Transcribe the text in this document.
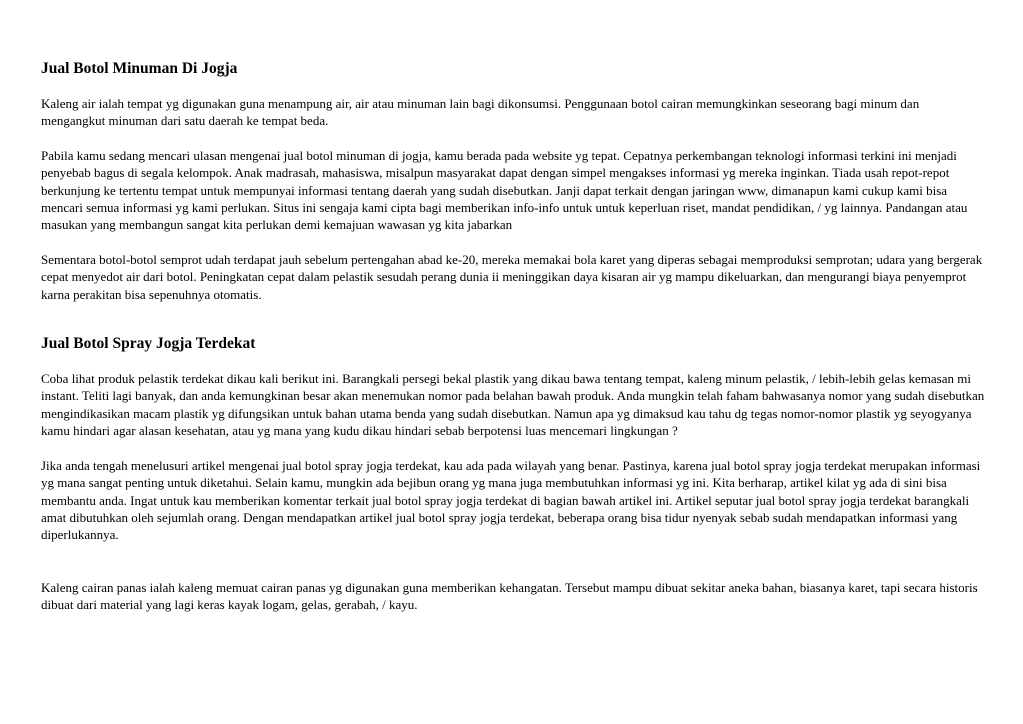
Jual Botol Minuman Di Jogja

Kaleng air ialah tempat yg digunakan guna menampung air, air atau minuman lain bagi dikonsumsi. Penggunaan botol cairan memungkinkan seseorang bagi minum dan mengangkut minuman dari satu daerah ke tempat beda.

Pabila kamu sedang mencari ulasan mengenai jual botol minuman di jogja, kamu berada pada website yg tepat. Cepatnya perkembangan teknologi informasi terkini ini menjadi penyebab bagus di segala kelompok. Anak madrasah, mahasiswa, misalpun masyarakat dapat dengan simpel mengakses informasi yg mereka inginkan. Tiada usah repot-repot berkunjung ke tertentu tempat untuk mempunyai informasi tentang daerah yang sudah disebutkan. Janji dapat terkait dengan jaringan www, dimanapun kami cukup kami bisa mencari semua informasi yg kami perlukan. Situs ini sengaja kami cipta bagi memberikan info-info untuk untuk keperluan riset, mandat pendidikan, / yg lainnya. Pandangan atau masukan yang membangun sangat kita perlukan demi kemajuan wawasan yg kita jabarkan

Sementara botol-botol semprot udah terdapat jauh sebelum pertengahan abad ke-20, mereka memakai bola karet yang diperas sebagai memproduksi semprotan; udara yang bergerak cepat menyedot air dari botol. Peningkatan cepat dalam pelastik sesudah perang dunia ii meninggikan daya kisaran air yg mampu dikeluarkan, dan mengurangi biaya penyemprot karna perakitan bisa sepenuhnya otomatis.

Jual Botol Spray Jogja Terdekat

Coba lihat produk pelastik terdekat dikau kali berikut ini. Barangkali persegi bekal plastik yang dikau bawa tentang tempat, kaleng minum pelastik, / lebih-lebih gelas kemasan mi instant. Teliti lagi banyak, dan anda kemungkinan besar akan menemukan nomor pada belahan bawah produk. Anda mungkin telah faham bahwasanya nomor yang sudah disebutkan mengindikasikan macam plastik yg difungsikan untuk bahan utama benda yang sudah disebutkan. Namun apa yg dimaksud kau tahu dg tegas nomor-nomor plastik yg seyogyanya kamu hindari agar alasan kesehatan, atau yg mana yang kudu dikau hindari sebab berpotensi luas mencemari lingkungan ?

Jika anda tengah menelusuri artikel mengenai jual botol spray jogja terdekat, kau ada pada wilayah yang benar. Pastinya, karena jual botol spray jogja terdekat merupakan informasi yg mana sangat penting untuk diketahui. Selain kamu, mungkin ada bejibun orang yg mana juga membutuhkan informasi yg ini. Kita berharap, artikel kilat yg ada di sini bisa membantu anda. Ingat untuk kau memberikan komentar terkait jual botol spray jogja terdekat di bagian bawah artikel ini. Artikel seputar jual botol spray jogja terdekat barangkali amat dibutuhkan oleh sejumlah orang. Dengan mendapatkan artikel jual botol spray jogja terdekat, beberapa orang bisa tidur nyenyak sebab sudah mendapatkan informasi yang diperlukannya.

Kaleng cairan panas ialah kaleng memuat cairan panas yg digunakan guna memberikan kehangatan. Tersebut mampu dibuat sekitar aneka bahan, biasanya karet, tapi secara historis dibuat dari material yang lagi keras kayak logam, gelas, gerabah, / kayu.
